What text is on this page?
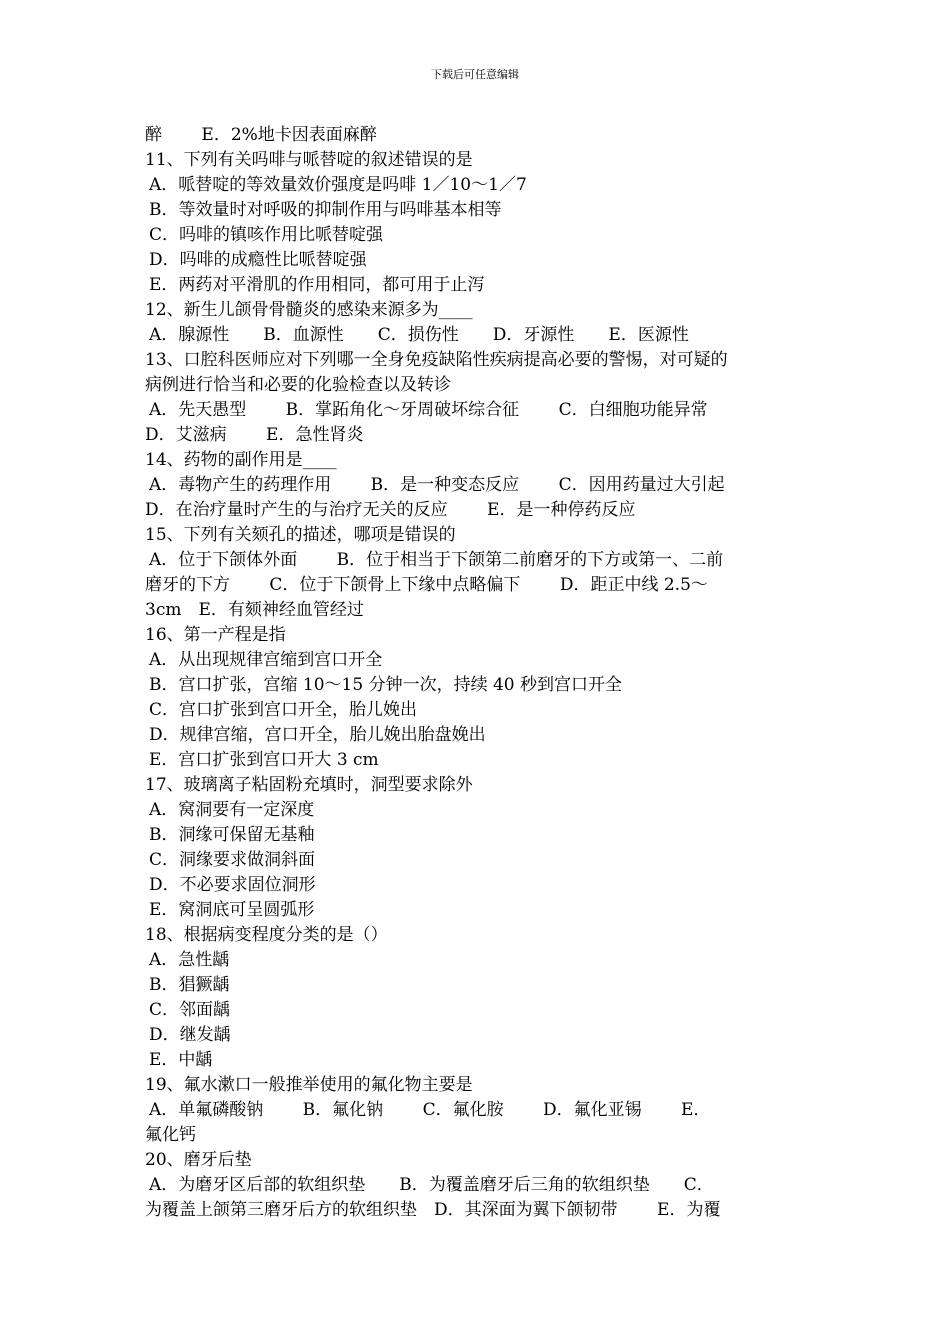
下载后可任意编辑
醉　　 E．2%地卡因表面麻醉
11、下列有关吗啡与哌替啶的叙述错误的是
A．哌替啶的等效量效价强度是吗啡 1／10～1／7
B．等效量时对呼吸的抑制作用与吗啡基本相等
C．吗啡的镇咳作用比哌替啶强
D．吗啡的成瘾性比哌替啶强
E．两药对平滑肌的作用相同，都可用于止泻
12、新生儿颌骨骨髓炎的感染来源多为____
A．腺源性　　B．血源性　　C．损伤性　　D．牙源性　　E．医源性
13、口腔科医师应对下列哪一全身免疫缺陷性疾病提高必要的警惕，对可疑的
病例进行恰当和必要的化验检查以及转诊
A．先天愚型　　 B．掌跖角化～牙周破坏综合征　　 C．白细胞功能异常
D．艾滋病　　 E．急性肾炎
14、药物的副作用是____
A．毒物产生的药理作用　　 B．是一种变态反应　　 C．因用药量过大引起
D．在治疗量时产生的与治疗无关的反应　　 E．是一种停药反应
15、下列有关颏孔的描述，哪项是错误的
A．位于下颌体外面　　 B．位于相当于下颌第二前磨牙的下方或第一、二前
磨牙的下方　　 C．位于下颌骨上下缘中点略偏下　　 D．距正中线 2.5～
3cm　E．有颏神经血管经过
16、第一产程是指
A．从出现规律宫缩到宫口开全
B．宫口扩张，宫缩 10～15 分钟一次，持续 40 秒到宫口开全
C．宫口扩张到宫口开全，胎儿娩出
D．规律宫缩，宫口开全，胎儿娩出胎盘娩出
E．宫口扩张到宫口开大 3 cm
17、玻璃离子粘固粉充填时，洞型要求除外
A．窝洞要有一定深度
B．洞缘可保留无基釉
C．洞缘要求做洞斜面
D．不必要求固位洞形
E．窝洞底可呈圆弧形
18、根据病变程度分类的是（）
A．急性龋
B．猖獗龋
C．邻面龋
D．继发龋
E．中龋
19、氟水漱口一般推举使用的氟化物主要是
A．单氟磷酸钠　　 B．氟化钠　　 C．氟化胺　　 D．氟化亚锡　　 E．
氟化钙
20、磨牙后垫
A．为磨牙区后部的软组织垫　　B．为覆盖磨牙后三角的软组织垫　　C．
为覆盖上颌第三磨牙后方的软组织垫　D．其深面为翼下颌韧带　　 E．为覆
